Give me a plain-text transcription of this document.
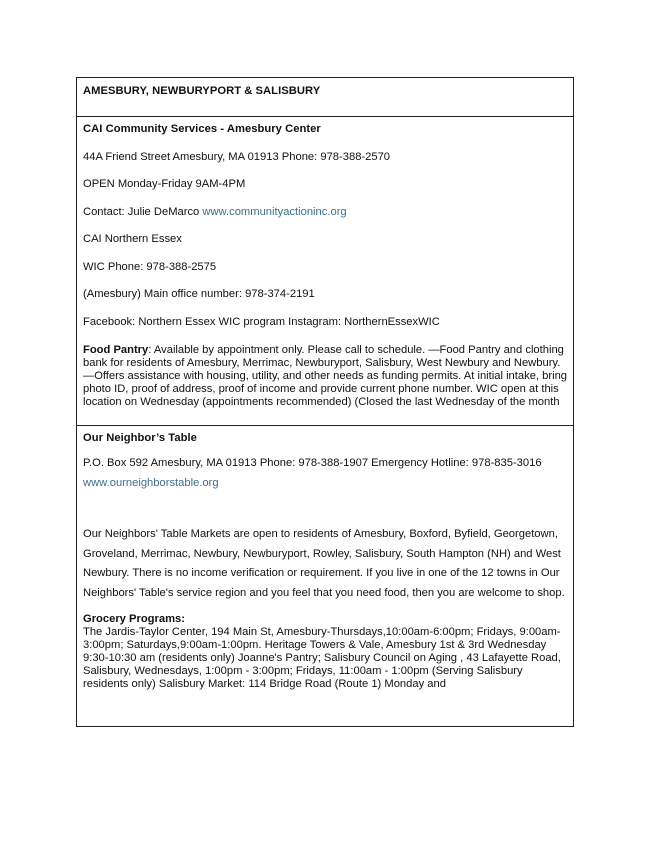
AMESBURY, NEWBURYPORT & SALISBURY
CAI Community Services - Amesbury Center

44A Friend Street Amesbury, MA 01913 Phone: 978-388-2570

OPEN Monday-Friday 9AM-4PM

Contact: Julie DeMarco www.communityactioninc.org

CAI Northern Essex

WIC Phone: 978-388-2575

(Amesbury) Main office number: 978-374-2191

Facebook: Northern Essex WIC program Instagram: NorthernEssexWIC

Food Pantry: Available by appointment only. Please call to schedule. —Food Pantry and clothing bank for residents of Amesbury, Merrimac, Newburyport, Salisbury, West Newbury and Newbury. —Offers assistance with housing, utility, and other needs as funding permits. At initial intake, bring photo ID, proof of address, proof of income and provide current phone number. WIC open at this location on Wednesday (appointments recommended) (Closed the last Wednesday of the month

Our Neighbor’s Table

P.O. Box 592 Amesbury, MA 01913 Phone: 978-388-1907 Emergency Hotline: 978-835-3016 www.ourneighborstable.org

Our Neighbors' Table Markets are open to residents of Amesbury, Boxford, Byfield, Georgetown, Groveland, Merrimac, Newbury, Newburyport, Rowley, Salisbury, South Hampton (NH) and West Newbury. There is no income verification or requirement. If you live in one of the 12 towns in Our Neighbors' Table's service region and you feel that you need food, then you are welcome to shop.

Grocery Programs:
The Jardis-Taylor Center, 194 Main St, Amesbury-Thursdays,10:00am-6:00pm; Fridays, 9:00am-3:00pm; Saturdays,9:00am-1:00pm. Heritage Towers & Vale, Amesbury 1st & 3rd Wednesday 9:30-10:30 am (residents only) Joanne's Pantry; Salisbury Council on Aging , 43 Lafayette Road, Salisbury, Wednesdays, 1:00pm - 3:00pm; Fridays, 11:00am - 1:00pm (Serving Salisbury residents only) Salisbury Market: 114 Bridge Road (Route 1) Monday and
